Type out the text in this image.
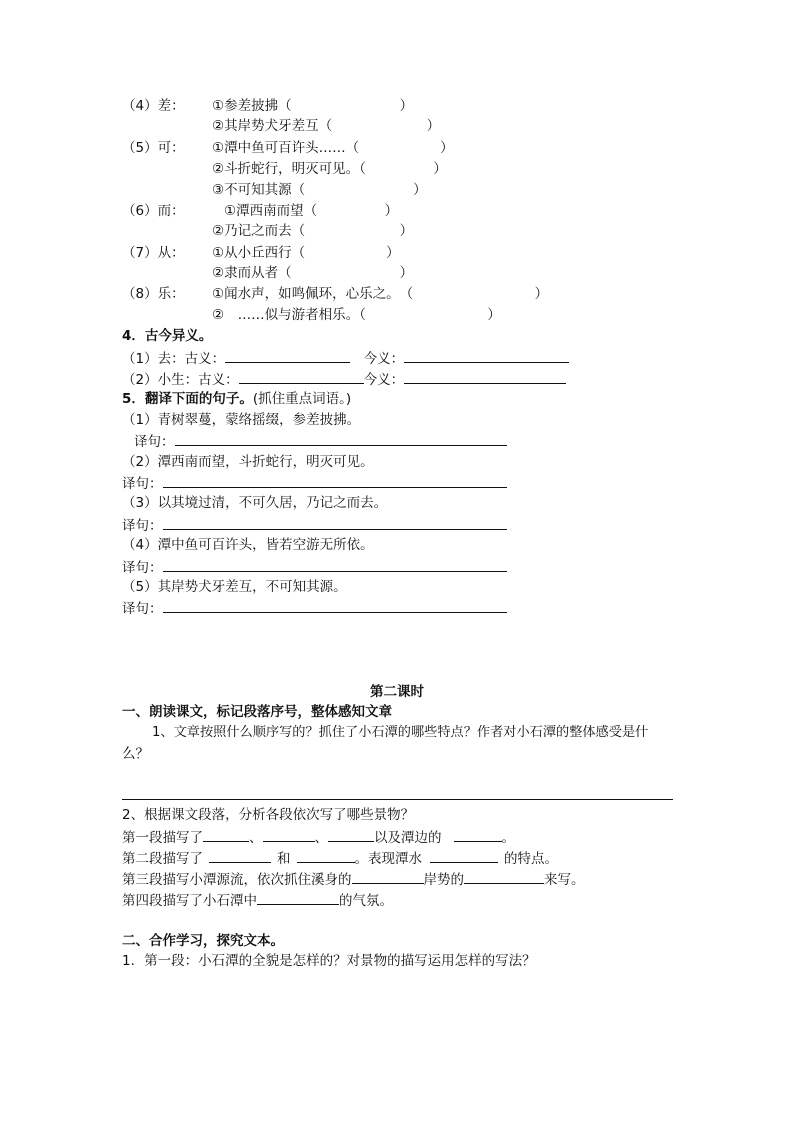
（4）差： ①参差披拂（　　　　　　　　）
②其岸势犬牙差互（　　　　　　　）
（5）可： ①潭中鱼可百许头……（　　　　　　）
②斗折蛇行，明灭可见。（　　　　　）
③不可知其源（　　　　　　　　）
（6）而：	①潭西南而望（　　　　　）
②乃记之而去（　　　　　　　）
（7）从： ①从小丘西行（　　　　　　）
②隶而从者（　　　　　　　　）
（8）乐： ①闻水声，如鸣佩环，心乐之。　（　　　　　　　　　）
②　……似与游者相乐。（　　　　　　　　　）
4．古今异义。
（1）去：古义：	　今义：
（2）小生：古义：	今义：
5．翻译下面的句子。(抓住重点词语。)
（1）青树翠蔓，蒙络摇缀，参差披拂。
译句：
（2）潭西南而望，斗折蛇行，明灭可见。
译句：
（3）以其境过清，不可久居，乃记之而去。
译句：
（4）潭中鱼可百许头，皆若空游无所依。
译句：
（5）其岸势犬牙差互，不可知其源。
译句：
第二课时
一、朗读课文，标记段落序号，整体感知文章
1、文章按照什么顺序写的？抓住了小石潭的哪些特点？作者对小石潭的整体感受是什
么？
2、根据课文段落，分析各段依次写了哪些景物？
第一段描写了	、	、	以及潭边的	。
第二段描写了	和	。表现潭水	的特点。
第三段描写小潭源流，依次抓住溪身的	岸势的	来写。
第四段描写了小石潭中	的气氛。
二、合作学习，探究文本。
1．第一段：小石潭的全貌是怎样的？对景物的描写运用怎样的写法？
